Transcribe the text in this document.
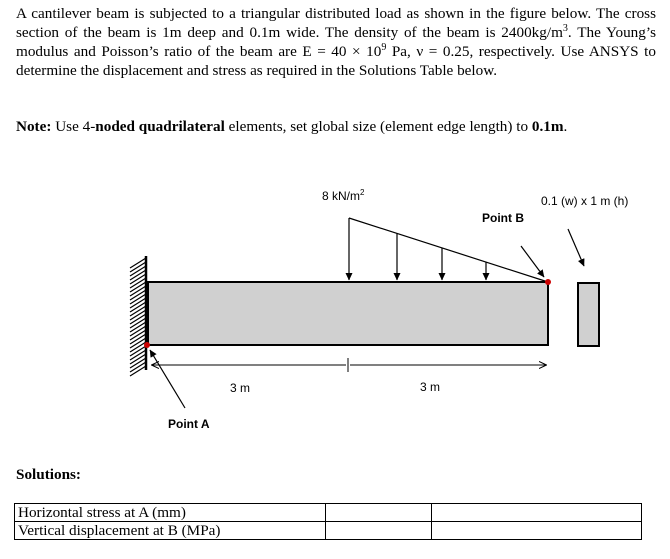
A cantilever beam is subjected to a triangular distributed load as shown in the figure below. The cross section of the beam is 1m deep and 0.1m wide. The density of the beam is $2400kg/m^3$. The Young’s modulus and Poisson’s ratio of the beam are $E = 40 \times 10^9$ Pa, ν = 0.25, respectively. Use ANSYS to determine the displacement and stress as required in the Solutions Table below.

Note: Use 4-noded quadrilateral elements, set global size (element edge length) to 0.1m.

8 $kN/m^2$
Point B
0.1 (w) x 1 m (h)
Point A
3 m	3 m

Solutions:

Horizontal stress at A (mm)		
Vertical displacement at B (MPa)		
